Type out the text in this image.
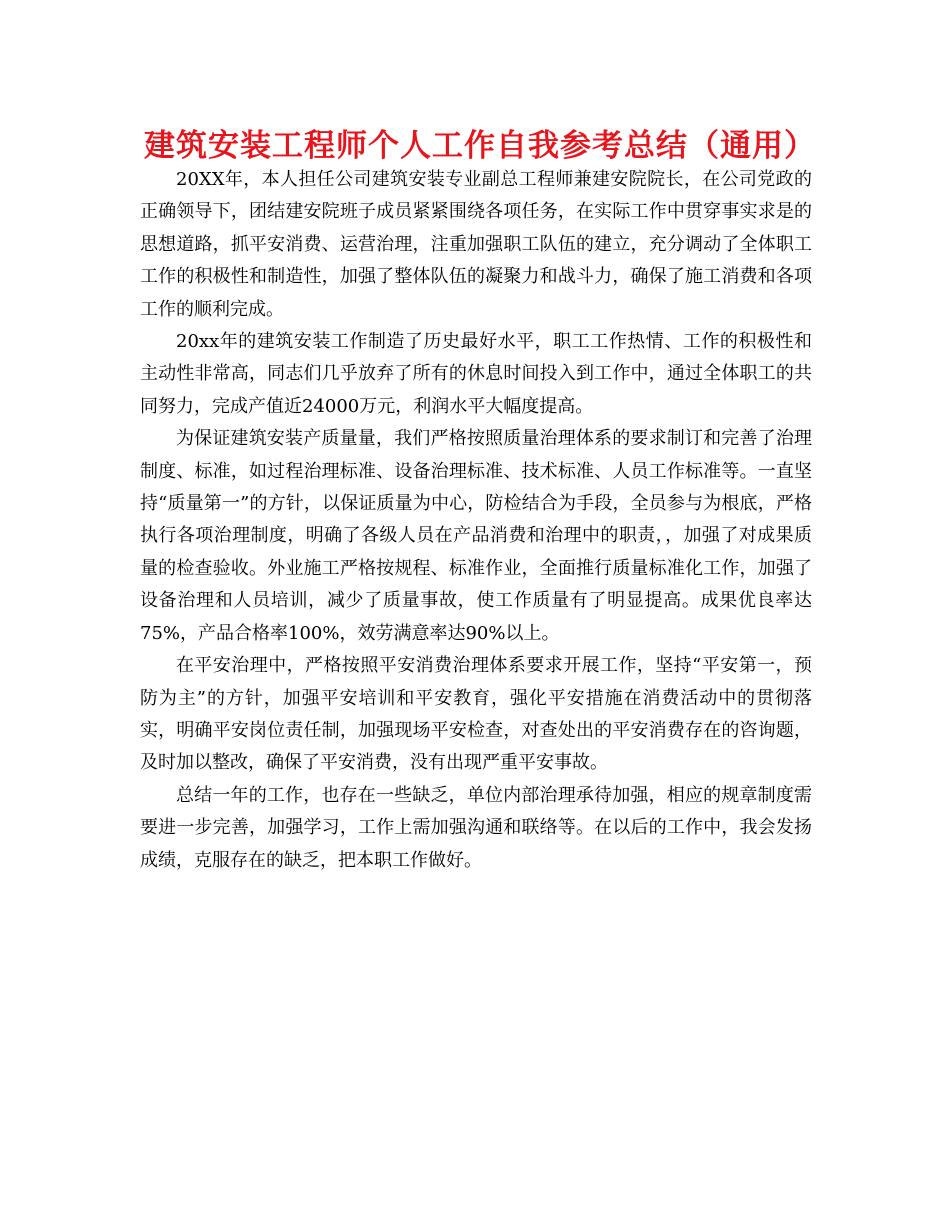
建筑安装工程师个人工作自我参考总结（通用）

20XX年，本人担任公司建筑安装专业副总工程师兼建安院院长，在公司党政的正确领导下，团结建安院班子成员紧紧围绕各项任务，在实际工作中贯穿事实求是的思想道路，抓平安消费、运营治理，注重加强职工队伍的建立，充分调动了全体职工工作的积极性和制造性，加强了整体队伍的凝聚力和战斗力，确保了施工消费和各项工作的顺利完成。

20xx年的建筑安装工作制造了历史最好水平，职工工作热情、工作的积极性和主动性非常高，同志们几乎放弃了所有的休息时间投入到工作中，通过全体职工的共同努力，完成产值近24000万元，利润水平大幅度提高。

为保证建筑安装产质量量，我们严格按照质量治理体系的要求制订和完善了治理制度、标准，如过程治理标准、设备治理标准、技术标准、人员工作标准等。一直坚持“质量第一”的方针，以保证质量为中心，防检结合为手段，全员参与为根底，严格执行各项治理制度，明确了各级人员在产品消费和治理中的职责，，加强了对成果质量的检查验收。外业施工严格按规程、标准作业，全面推行质量标准化工作，加强了设备治理和人员培训，减少了质量事故，使工作质量有了明显提高。成果优良率达75%，产品合格率100%，效劳满意率达90%以上。

在平安治理中，严格按照平安消费治理体系要求开展工作，坚持“平安第一，预防为主”的方针，加强平安培训和平安教育，强化平安措施在消费活动中的贯彻落实，明确平安岗位责任制，加强现场平安检查，对查处出的平安消费存在的咨询题，及时加以整改，确保了平安消费，没有出现严重平安事故。

总结一年的工作，也存在一些缺乏，单位内部治理承待加强，相应的规章制度需要进一步完善，加强学习，工作上需加强沟通和联络等。在以后的工作中，我会发扬成绩，克服存在的缺乏，把本职工作做好。
